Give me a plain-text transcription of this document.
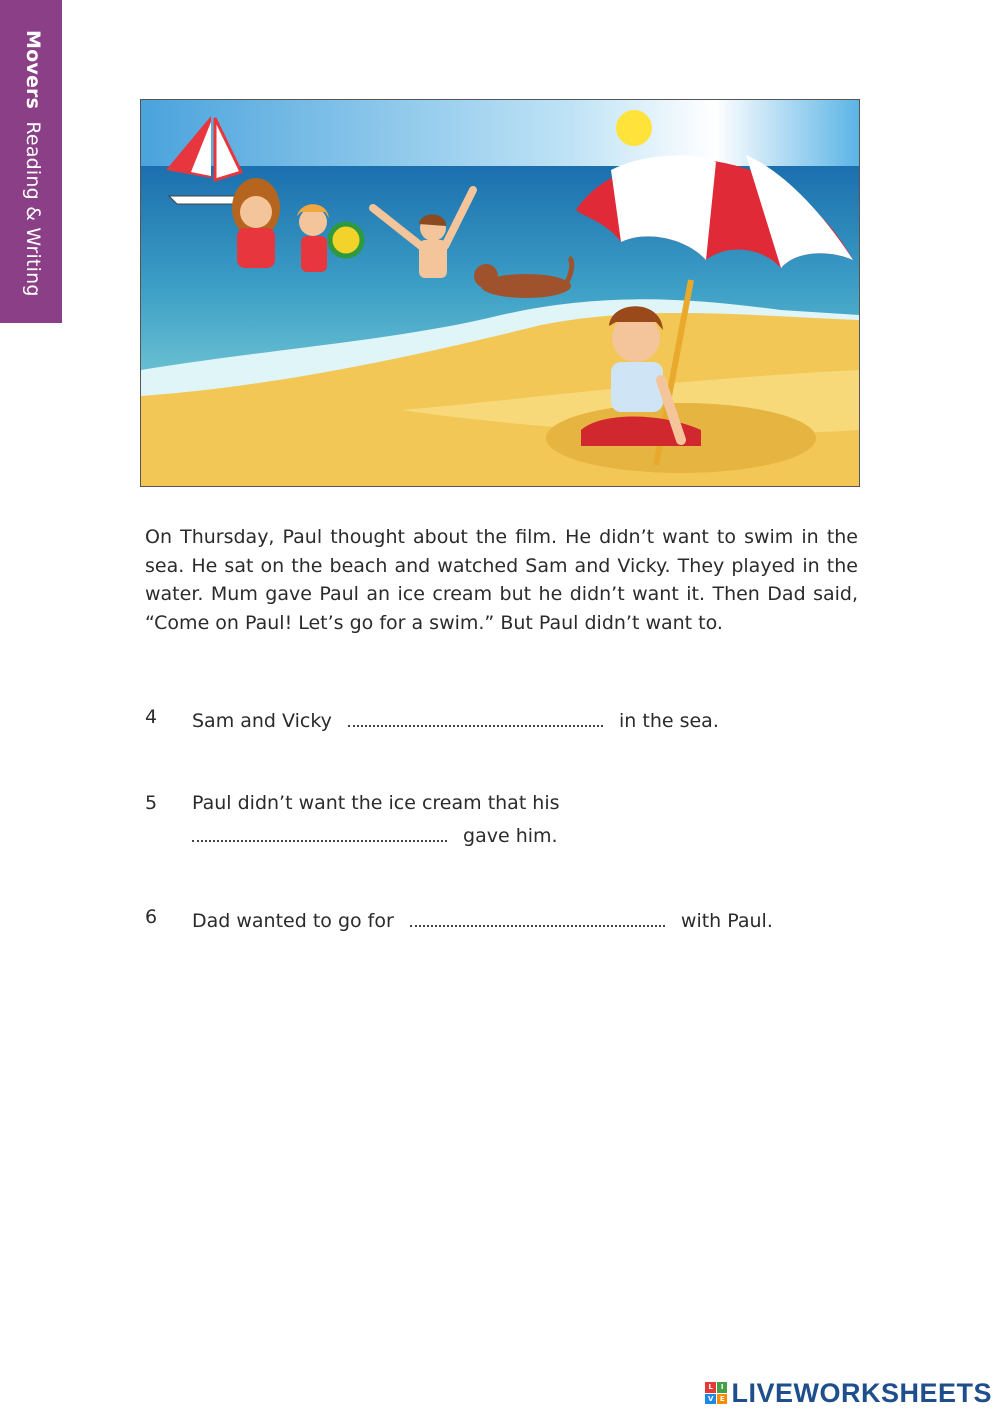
Movers Reading & Writing

On Thursday, Paul thought about the film. He didn’t want to swim in the sea. He sat on the beach and watched Sam and Vicky. They played in the water. Mum gave Paul an ice cream but he didn’t want it. Then Dad said, “Come on Paul! Let’s go for a swim.” But Paul didn’t want to.

4 Sam and Vicky	in the sea.
5 Paul didn’t want the ice cream that his
gave him.
6 Dad wanted to go for	with Paul.
L	I
V E LIVEWORKSHEETS
